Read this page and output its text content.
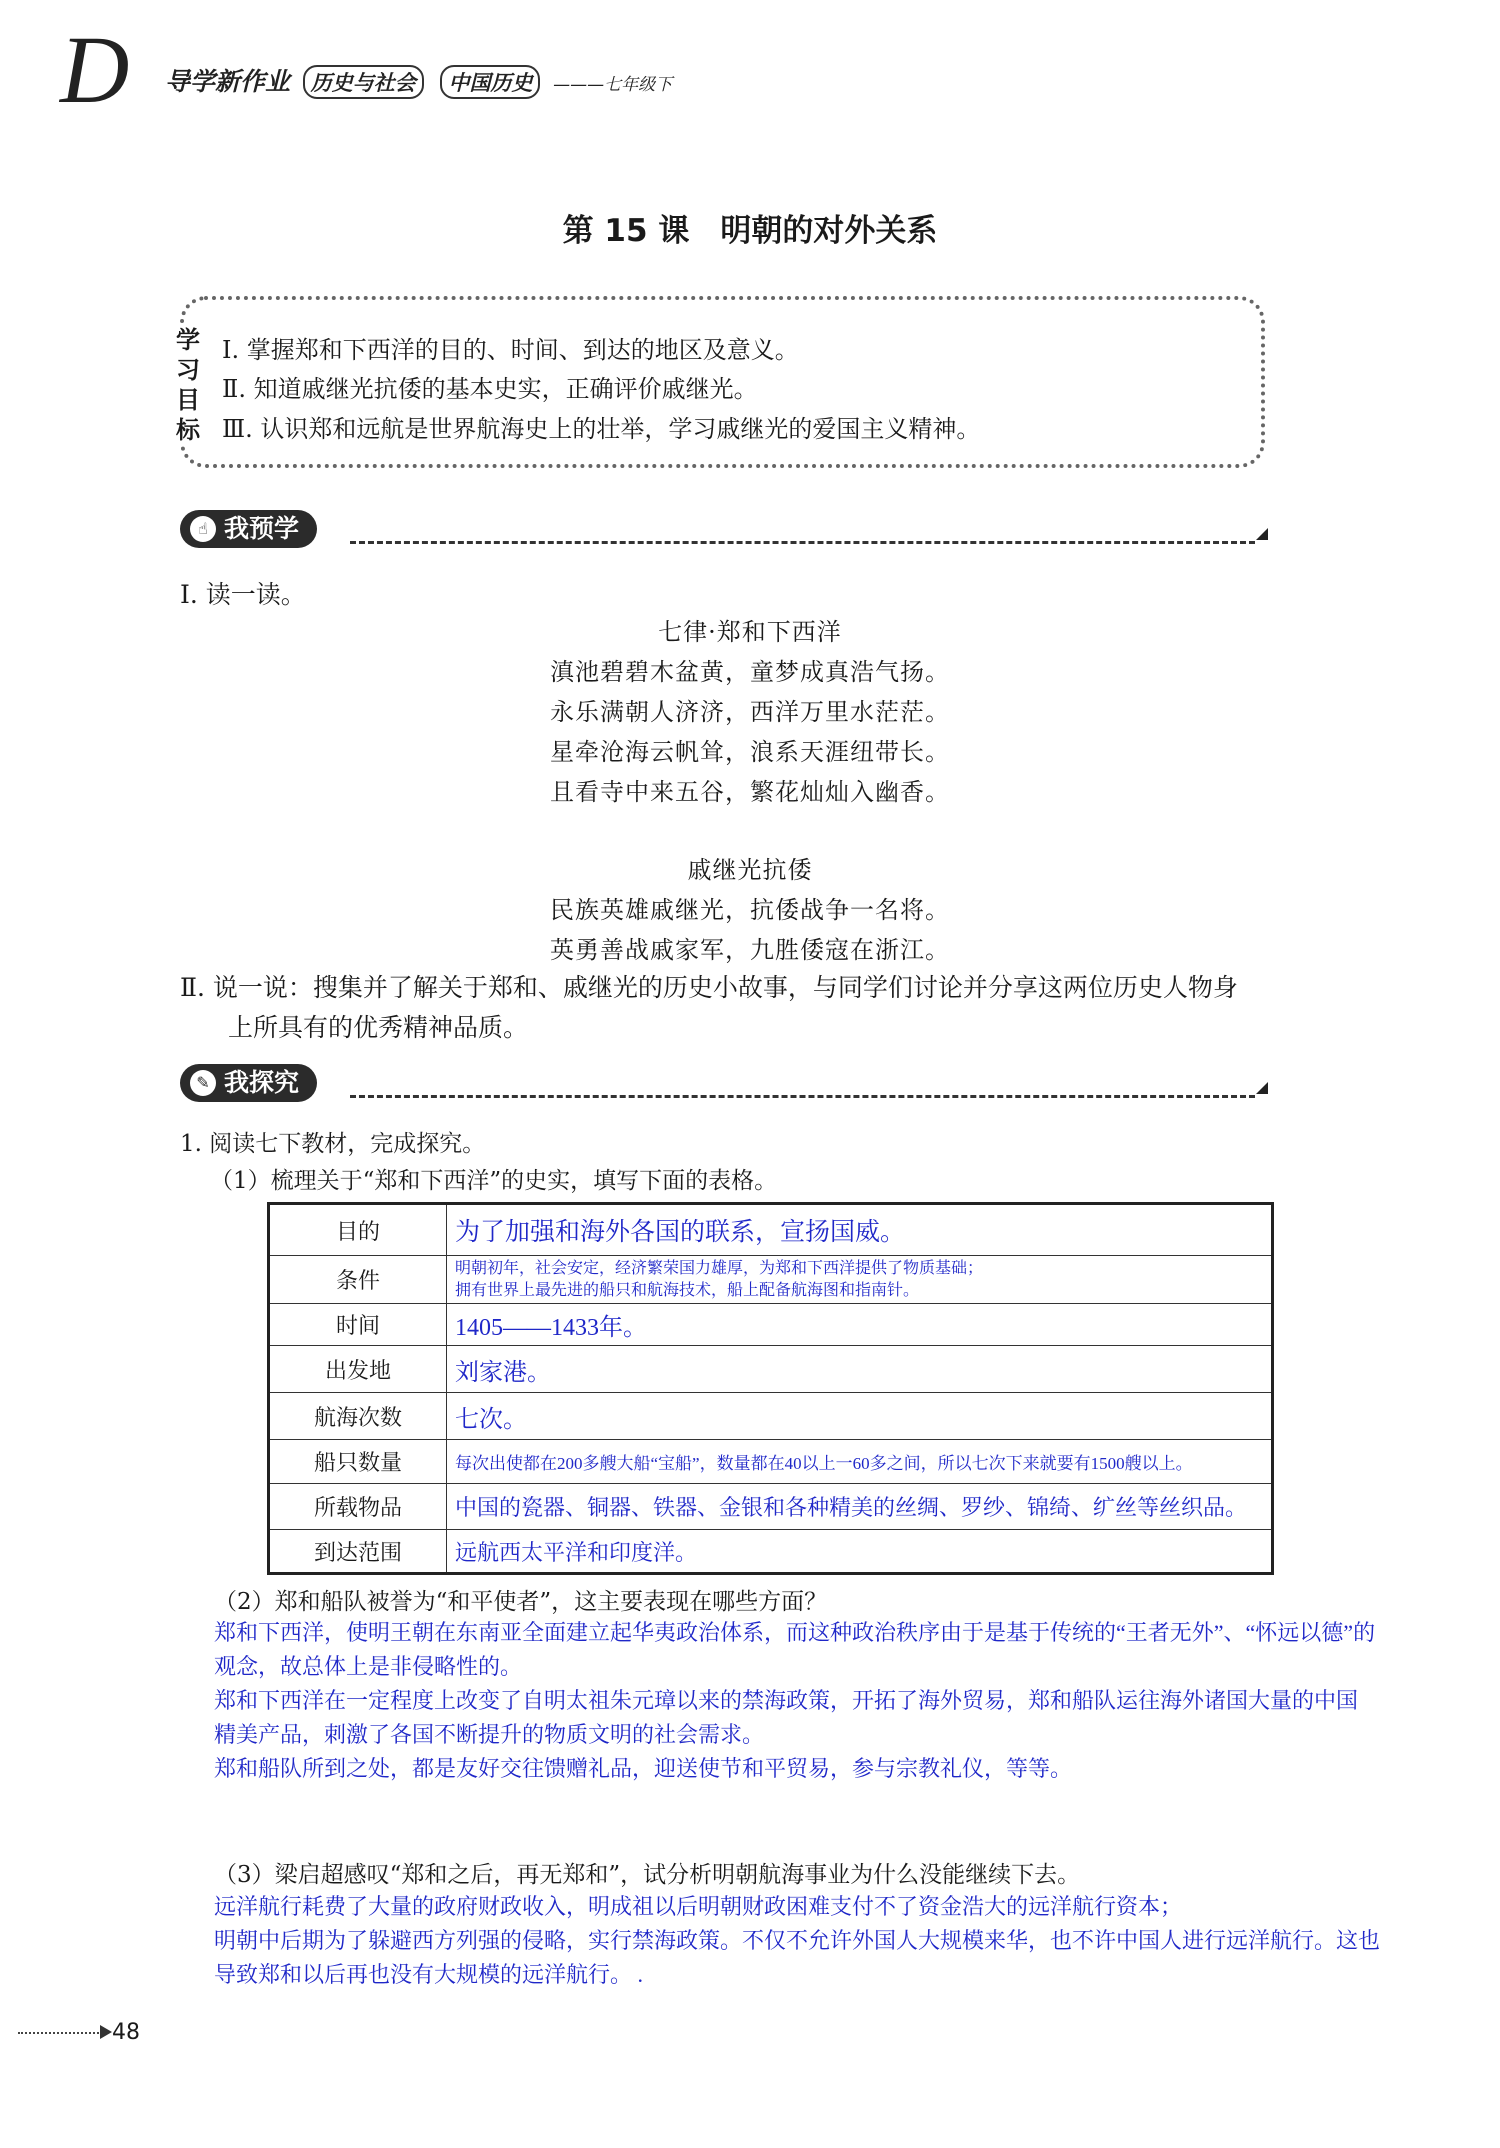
D 导学新作业 历史与社会 中国历史 ———七年级下
第 15 课　明朝的对外关系
学
习
目
标
Ⅰ. 掌握郑和下西洋的目的、时间、到达的地区及意义。
Ⅱ. 知道戚继光抗倭的基本史实，正确评价戚继光。
Ⅲ. 认识郑和远航是世界航海史上的壮举，学习戚继光的爱国主义精神。
☝ 我预学
Ⅰ. 读一读。
七律·郑和下西洋
滇池碧碧木盆黄，童梦成真浩气扬。
永乐满朝人济济，西洋万里水茫茫。
星牵沧海云帆耸，浪系天涯纽带长。
且看寺中来五谷，繁花灿灿入幽香。
戚继光抗倭
民族英雄戚继光，抗倭战争一名将。
英勇善战戚家军，九胜倭寇在浙江。
Ⅱ. 说一说：搜集并了解关于郑和、戚继光的历史小故事，与同学们讨论并分享这两位历史人物身
上所具有的优秀精神品质。
✎ 我探究
1. 阅读七下教材，完成探究。
（1）梳理关于“郑和下西洋”的史实，填写下面的表格。
目的	为了加强和海外各国的联系，宣扬国威。
条件	明朝初年，社会安定，经济繁荣国力雄厚，为郑和下西洋提供了物质基础；
拥有世界上最先进的船只和航海技术，船上配备航海图和指南针。

时间	1405——1433年。
出发地	刘家港。
航海次数	七次。
船只数量	每次出使都在200多艘大船“宝船”，数量都在40以上一60多之间，所以七次下来就要有1500艘以上。
所载物品	中国的瓷器、铜器、铁器、金银和各种精美的丝绸、罗纱、锦绮、纩丝等丝织品。
到达范围	远航西太平洋和印度洋。
（2）郑和船队被誉为“和平使者”，这主要表现在哪些方面？
郑和下西洋，使明王朝在东南亚全面建立起华夷政治体系，而这种政治秩序由于是基于传统的“王者无外”、“怀远以德”的
观念，故总体上是非侵略性的。
郑和下西洋在一定程度上改变了自明太祖朱元璋以来的禁海政策，开拓了海外贸易，郑和船队运往海外诸国大量的中国
精美产品，刺激了各国不断提升的物质文明的社会需求。
郑和船队所到之处，都是友好交往馈赠礼品，迎送使节和平贸易，参与宗教礼仪，等等。
（3）梁启超感叹“郑和之后，再无郑和”，试分析明朝航海事业为什么没能继续下去。
远洋航行耗费了大量的政府财政收入，明成祖以后明朝财政困难支付不了资金浩大的远洋航行资本；
明朝中后期为了躲避西方列强的侵略，实行禁海政策。不仅不允许外国人大规模来华，也不许中国人进行远洋航行。这也
导致郑和以后再也没有大规模的远洋航行。 .
48
